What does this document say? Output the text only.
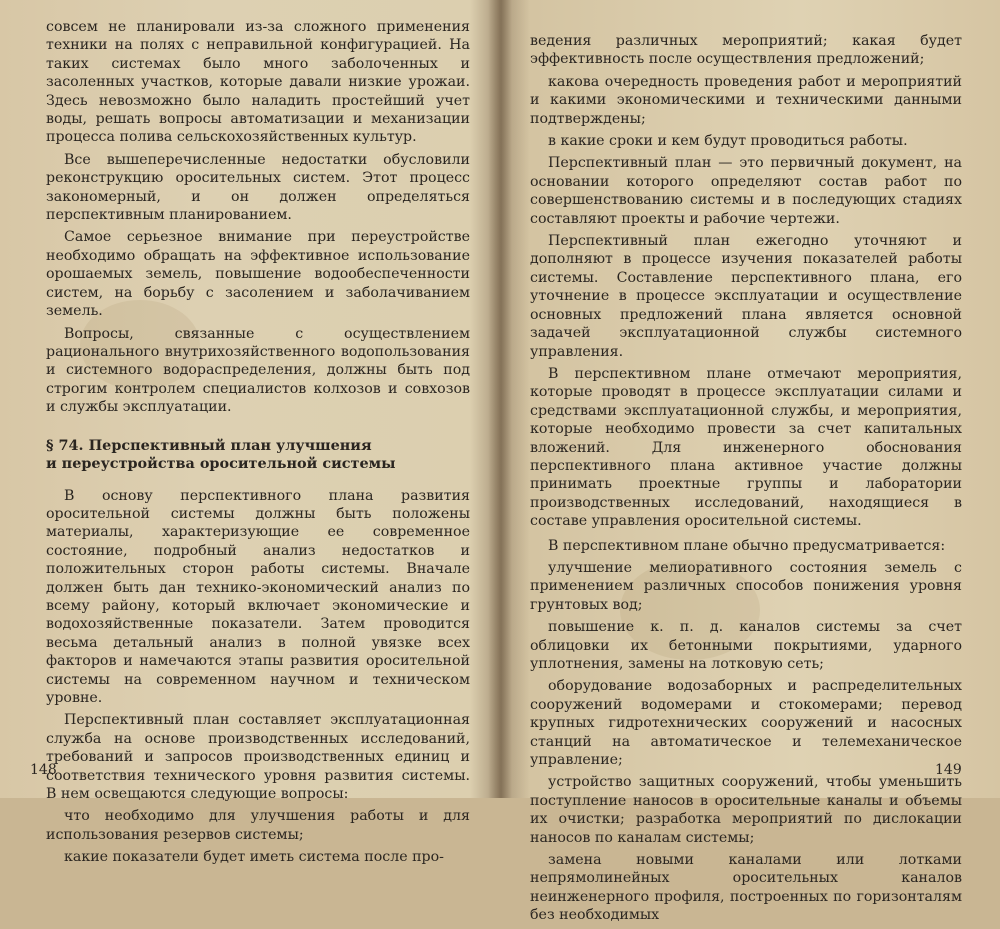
совсем не планировали из-за сложного применения техники на полях с неправильной конфигурацией. На таких системах было много заболоченных и засоленных участков, которые давали низкие урожаи. Здесь невозможно было наладить простейший учет воды, решать вопросы автоматизации и механизации процесса полива сельскохозяйственных культур.

Все вышеперечисленные недостатки обусловили реконструкцию оросительных систем. Этот процесс закономерный, и он должен определяться перспективным планированием.

Самое серьезное внимание при переустройстве необходимо обращать на эффективное использование орошаемых земель, повышение водообеспеченности систем, на борьбу с засолением и заболачиванием земель.

Вопросы, связанные с осуществлением рационального внутрихозяйственного водопользования и системного водораспределения, должны быть под строгим контролем специалистов колхозов и совхозов и службы эксплуатации.

§ 74. Перспективный план улучшения
и переустройства оросительной системы

В основу перспективного плана развития оросительной системы должны быть положены материалы, характеризующие ее современное состояние, подробный анализ недостатков и положительных сторон работы системы. Вначале должен быть дан технико-экономический анализ по всему району, который включает экономические и водохозяйственные показатели. Затем проводится весьма детальный анализ в полной увязке всех факторов и намечаются этапы развития оросительной системы на современном научном и техническом уровне.

Перспективный план составляет эксплуатационная служба на основе производственных исследований, требований и запросов производственных единиц и соответствия технического уровня развития системы. В нем освещаются следующие вопросы:

что необходимо для улучшения работы и для использования резервов системы;

какие показатели будет иметь система после про-

ведения различных мероприятий; какая будет эффективность после осуществления предложений;

какова очередность проведения работ и мероприятий и какими экономическими и техническими данными подтверждены;

в какие сроки и кем будут проводиться работы.

Перспективный план — это первичный документ, на основании которого определяют состав работ по совершенствованию системы и в последующих стадиях составляют проекты и рабочие чертежи.

Перспективный план ежегодно уточняют и дополняют в процессе изучения показателей работы системы. Составление перспективного плана, его уточнение в процессе эксплуатации и осуществление основных предложений плана является основной задачей эксплуатационной службы системного управления.

В перспективном плане отмечают мероприятия, которые проводят в процессе эксплуатации силами и средствами эксплуатационной службы, и мероприятия, которые необходимо провести за счет капитальных вложений. Для инженерного обоснования перспективного плана активное участие должны принимать проектные группы и лаборатории производственных исследований, находящиеся в составе управления оросительной системы.

В перспективном плане обычно предусматривается:

улучшение мелиоративного состояния земель с применением различных способов понижения уровня грунтовых вод;

повышение к. п. д. каналов системы за счет облицовки их бетонными покрытиями, ударного уплотнения, замены на лотковую сеть;

оборудование водозаборных и распределительных сооружений водомерами и стокомерами; перевод крупных гидротехнических сооружений и насосных станций на автоматическое и телемеханическое управление;

устройство защитных сооружений, чтобы уменьшить поступление наносов в оросительные каналы и объемы их очистки; разработка мероприятий по дислокации наносов по каналам системы;

замена новыми каналами или лотками непрямолинейных оросительных каналов неинженерного профиля, построенных по горизонталям без необходимых

148	149
